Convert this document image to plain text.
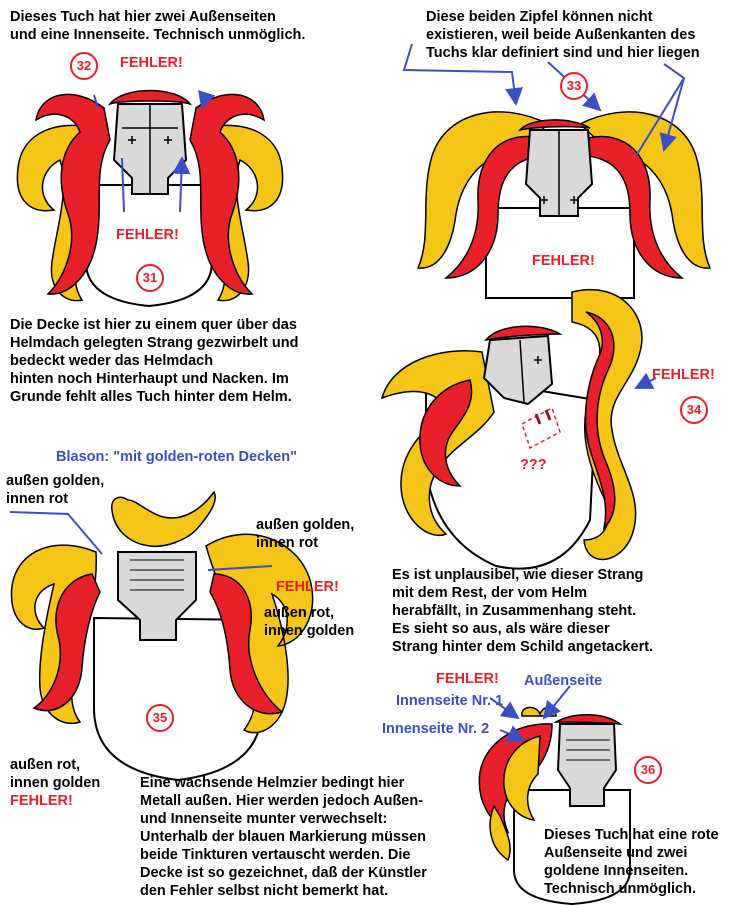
Dieses Tuch hat hier zwei Außenseiten
und eine Innenseite. Technisch unmöglich.
32	FEHLER!
FEHLER!
31
Die Decke ist hier zu einem quer über das
Helmdach gelegten Strang gezwirbelt und
bedeckt weder das Helmdach
hinten noch Hinterhaupt und Nacken. Im
Grunde fehlt alles Tuch hinter dem Helm.
Diese beiden Zipfel können nicht
existieren, weil beide Außenkanten des
Tuchs klar definiert sind und hier liegen
33
FEHLER!
FEHLER!
34
???
Es ist unplausibel, wie dieser Strang
mit dem Rest, der vom Helm
herabfällt, in Zusammenhang steht.
Es sieht so aus, als wäre dieser
Strang hinter dem Schild angetackert.
Blason: "mit golden-roten Decken"
außen golden,
innen rot
außen golden,
innen rot
FEHLER!
außen rot,
innen golden
35
außen rot,
innen golden
FEHLER!
Eine wachsende Helmzier bedingt hier
Metall außen. Hier werden jedoch Außen-
und Innenseite munter verwechselt:
Unterhalb der blauen Markierung müssen
beide Tinkturen vertauscht werden. Die
Decke ist so gezeichnet, daß der Künstler
den Fehler selbst nicht bemerkt hat.
FEHLER! Außenseite
Innenseite Nr. 1
Innenseite Nr. 2
36
Dieses Tuch hat eine rote
Außenseite und zwei
goldene Innenseiten.
Technisch unmöglich.
